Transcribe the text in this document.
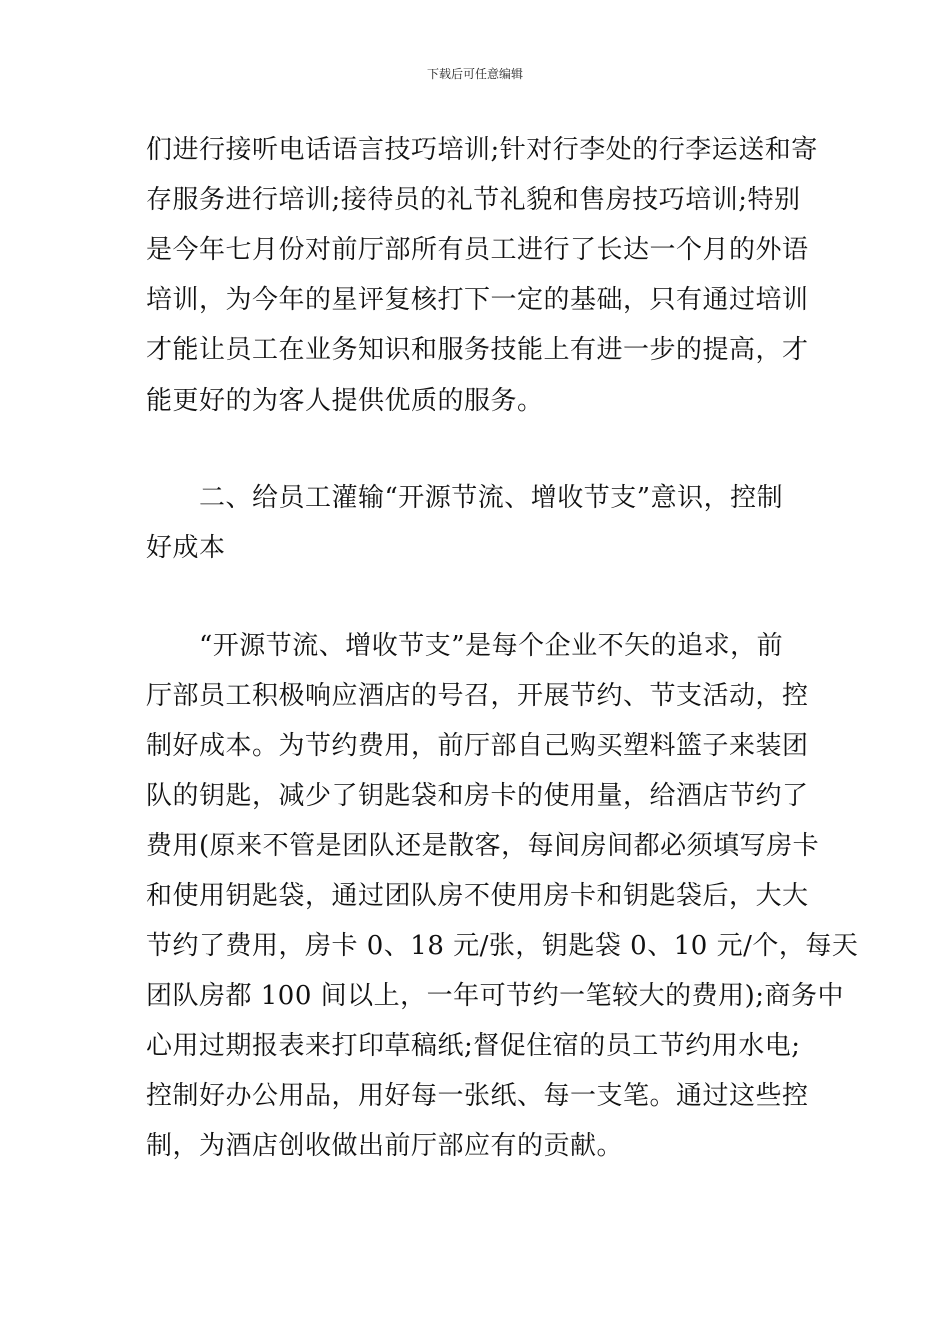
下载后可任意编辑
们进行接听电话语言技巧培训;针对行李处的行李运送和寄
存服务进行培训;接待员的礼节礼貌和售房技巧培训;特别
是今年七月份对前厅部所有员工进行了长达一个月的外语
培训，为今年的星评复核打下一定的基础，只有通过培训
才能让员工在业务知识和服务技能上有进一步的提高，才
能更好的为客人提供优质的服务。
　　二、给员工灌输“开源节流、增收节支”意识，控制
好成本
　　“开源节流、增收节支”是每个企业不矢的追求，前
厅部员工积极响应酒店的号召，开展节约、节支活动，控
制好成本。为节约费用，前厅部自己购买塑料篮子来装团
队的钥匙，减少了钥匙袋和房卡的使用量，给酒店节约了
费用(原来不管是团队还是散客，每间房间都必须填写房卡
和使用钥匙袋，通过团队房不使用房卡和钥匙袋后，大大
节约了费用，房卡 0、18 元/张，钥匙袋 0、10 元/个，每天
团队房都 100 间以上，一年可节约一笔较大的费用);商务中
心用过期报表来打印草稿纸;督促住宿的员工节约用水电;
控制好办公用品，用好每一张纸、每一支笔。通过这些控
制，为酒店创收做出前厅部应有的贡献。
